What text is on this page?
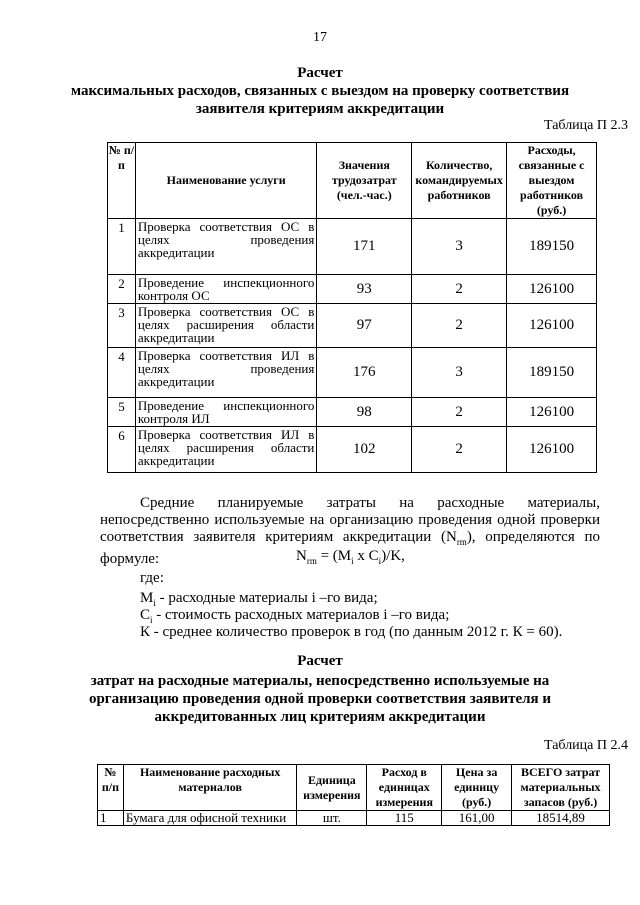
17
Расчет
максимальных расходов, связанных с выездом на проверку соответствия
заявителя критериям аккредитации
Таблица П 2.3
№ п/п	Наименование услуги	Значения трудозатрат (чел.-час.)	Количество, командируемых работников	Расходы, связанные с выездом работников (руб.)
1	Проверка соответствия ОС в целях проведения аккредитации	171	3	189150
2	Проведение инспекционного контроля ОС	93	2	126100
3	Проверка соответствия ОС в целях расширения области аккредитации	97	2	126100
4	Проверка соответствия ИЛ в целях проведения аккредитации	176	3	189150
5	Проведение инспекционного контроля ИЛ	98	2	126100
6	Проверка соответствия ИЛ в целях расширения области аккредитации	102	2	126100
Средние планируемые затраты на расходные материалы, непосредственно используемые на организацию проведения одной проверки соответствия заявителя критериям аккредитации $(N_{rm})$, определяются по формуле:	$N_{rm} = (M_i$ x $C_i)/K$,
где:
$M_i$ - расходные материалы i –го вида;
$C_i$ - стоимость расходных материалов i –го вида;
К - среднее количество проверок в год (по данным 2012 г. К = 60).
Расчет
затрат на расходные материалы, непосредственно используемые на
организацию проведения одной проверки соответствия заявителя и
аккредитованных лиц критериям аккредитации
Таблица П 2.4
№ п/п	Наименование расходных материалов	Единица измерения	Расход в единицах измерения	Цена за единицу (руб.)	ВСЕГО затрат материальных запасов (руб.)
1	Бумага для офисной техники	шт.	115	161,00	18514,89
